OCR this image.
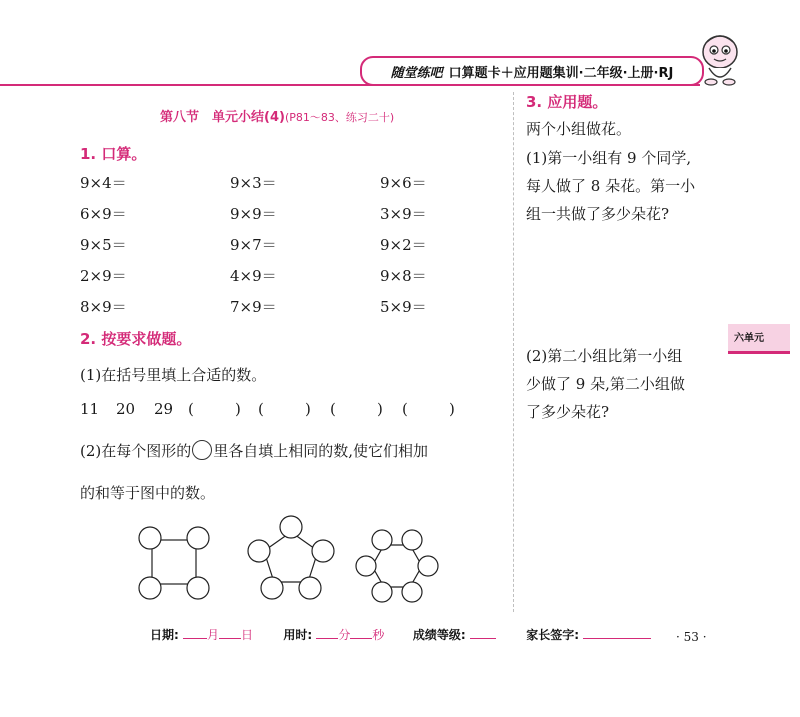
随堂练吧 口算题卡＋应用题集训·二年级·上册·RJ
第八节　单元小结(4)(P81～83、练习二十)
1. 口算。
9×4＝	9×3＝	9×6＝
6×9＝	9×9＝	3×9＝
9×5＝	9×7＝	9×2＝
2×9＝	4×9＝	9×8＝
8×9＝	7×9＝	5×9＝
2. 按要求做题。
(1)在括号里填上合适的数。
11 20 29 (	) (	) (	) (	)
(2)在每个图形的 里各自填上相同的数,使它们相加
的和等于图中的数。
3. 应用题。
两个小组做花。
(1)第一小组有 9 个同学,
每人做了 8 朵花。第一小
组一共做了多少朵花?
(2)第二小组比第一小组
少做了 9 朵,第二小组做
了多少朵花?
六单元
日期: 月 日	用时: 分 秒 成绩等级:	家长签字:	· 53 ·
